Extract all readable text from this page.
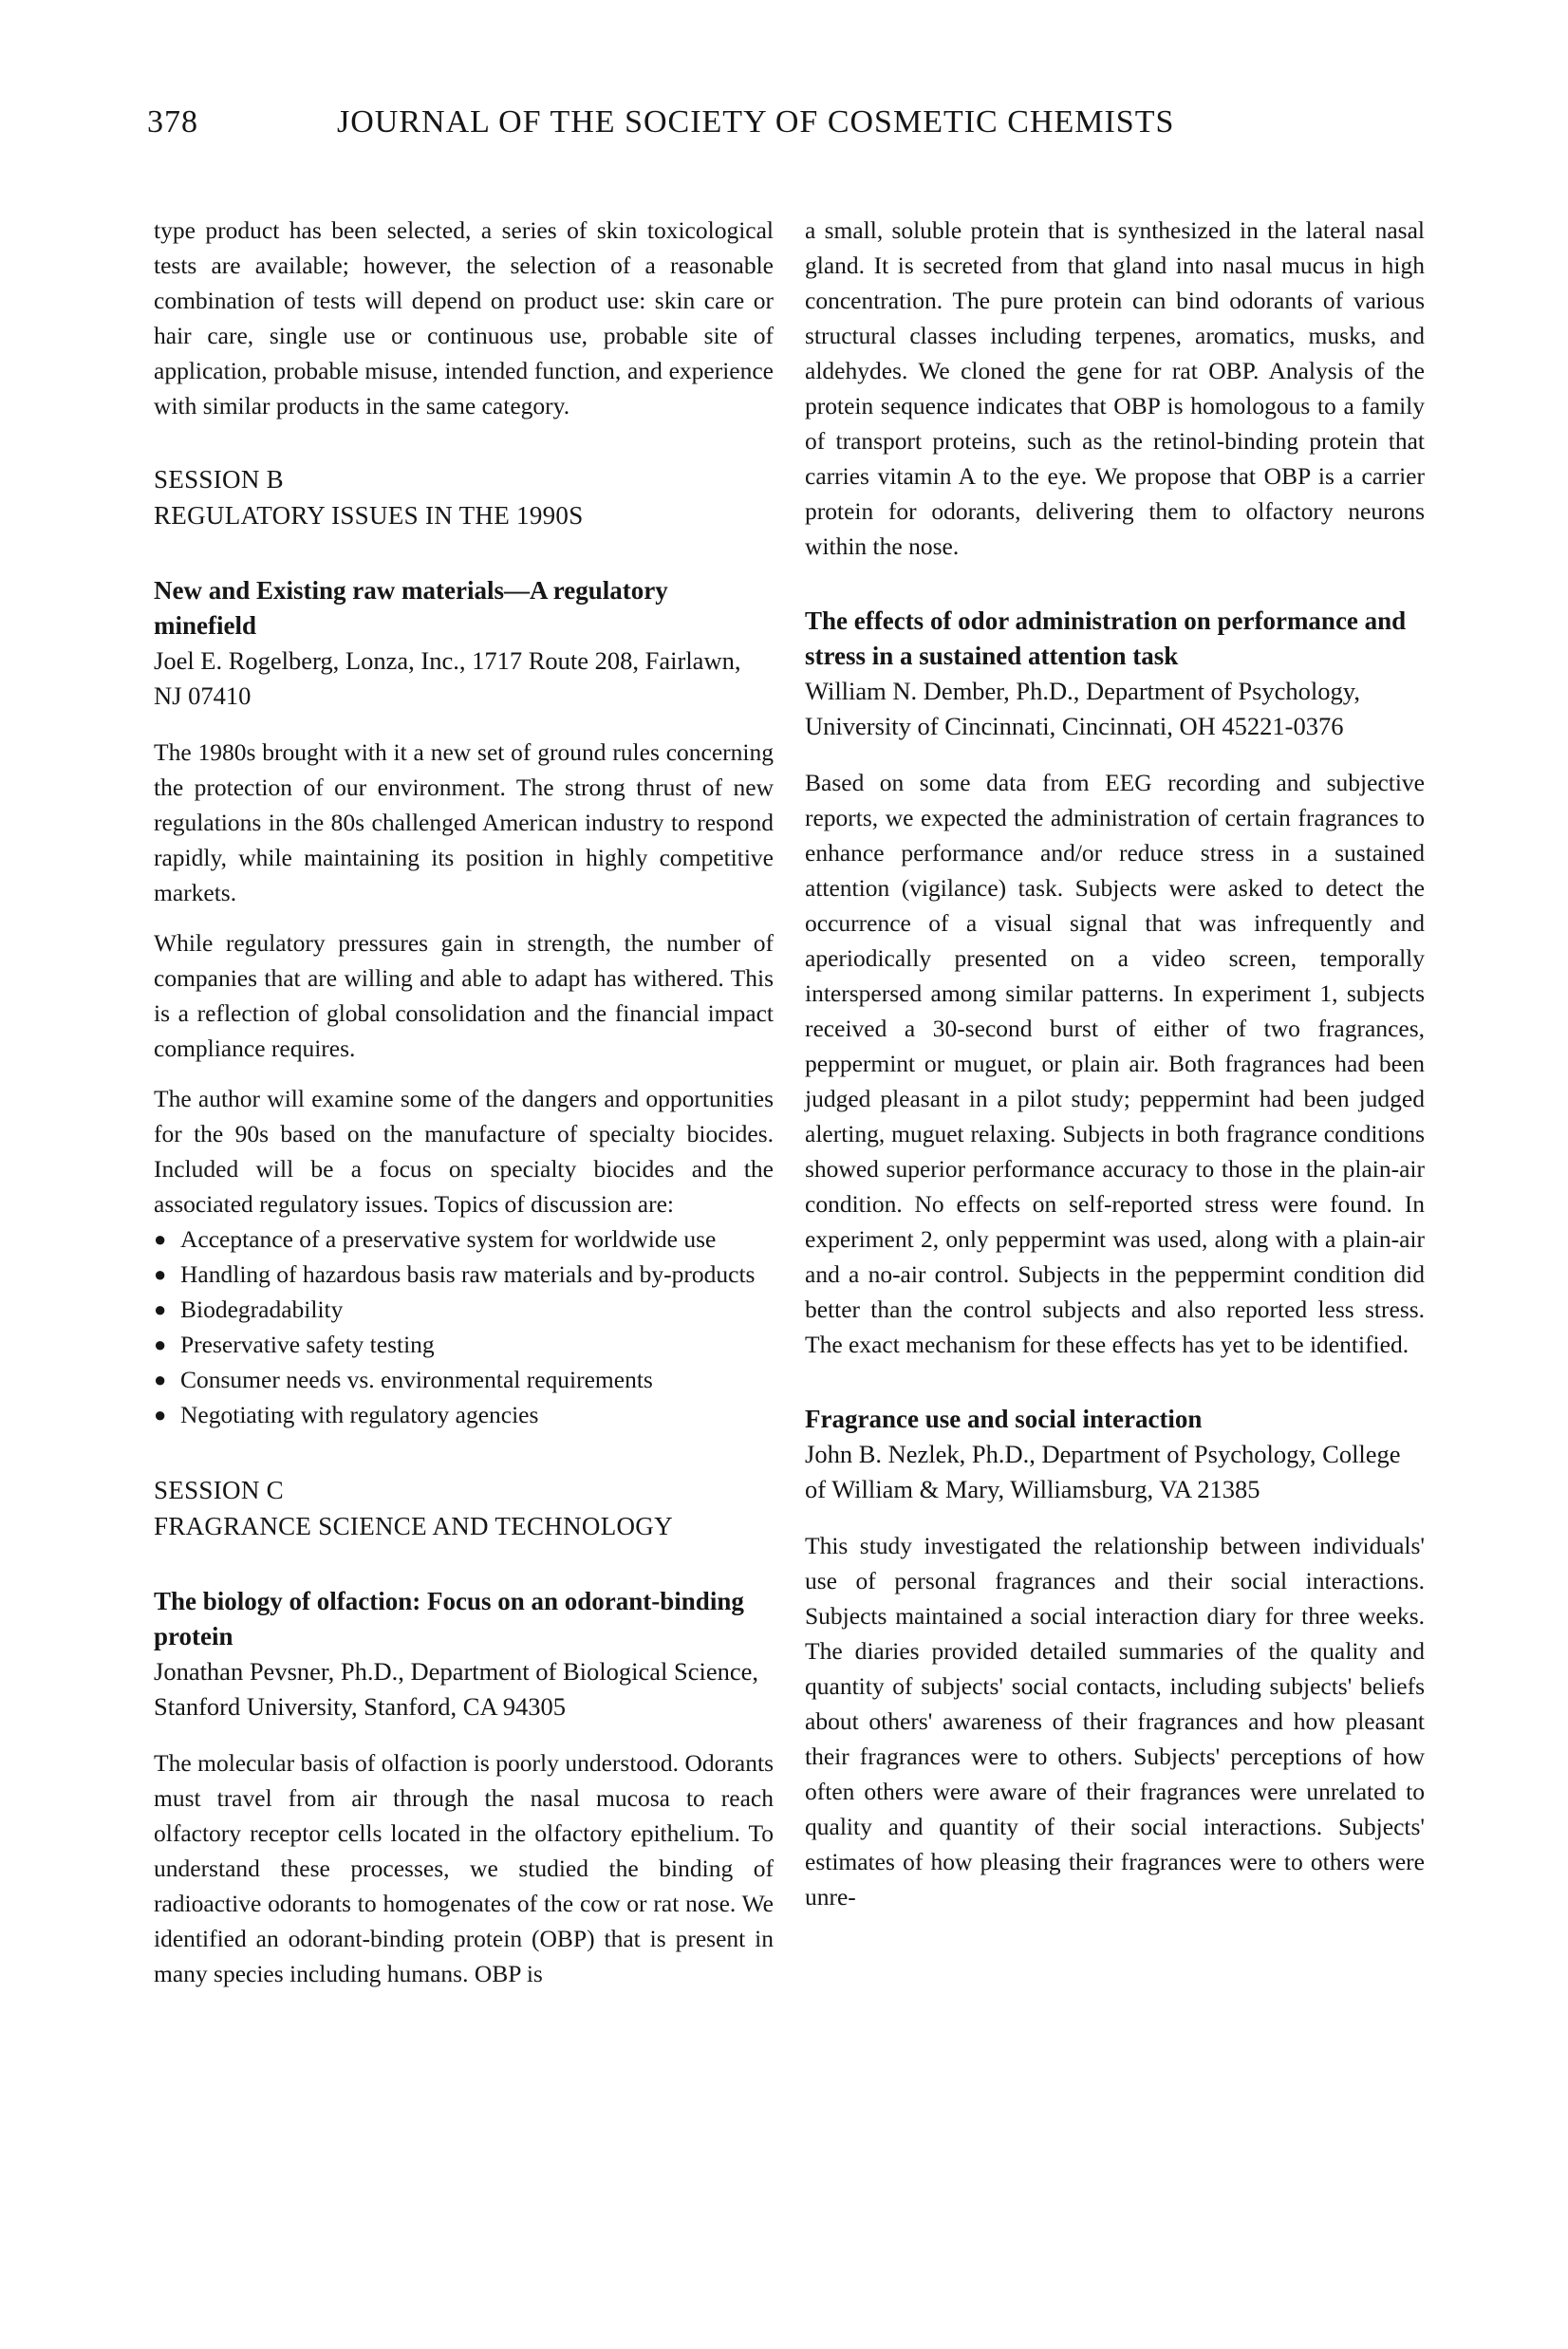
378	JOURNAL OF THE SOCIETY OF COSMETIC CHEMISTS

type product has been selected, a series of skin toxicological tests are available; however, the selection of a reasonable combination of tests will depend on product use: skin care or hair care, single use or continuous use, probable site of application, probable misuse, intended function, and experience with similar products in the same category.

SESSION B
REGULATORY ISSUES IN THE 1990S
New and Existing raw materials—A regulatory minefield
Joel E. Rogelberg, Lonza, Inc., 1717 Route 208, Fairlawn, NJ 07410

The 1980s brought with it a new set of ground rules concerning the protection of our environment. The strong thrust of new regulations in the 80s challenged American industry to respond rapidly, while maintaining its position in highly competitive markets.

While regulatory pressures gain in strength, the number of companies that are willing and able to adapt has withered. This is a reflection of global consolidation and the financial impact compliance requires.

The author will examine some of the dangers and opportunities for the 90s based on the manufacture of specialty biocides. Included will be a focus on specialty biocides and the associated regulatory issues. Topics of discussion are:

● Acceptance of a preservative system for worldwide use
● Handling of hazardous basis raw materials and by-products
● Biodegradability
● Preservative safety testing
● Consumer needs vs. environmental requirements
● Negotiating with regulatory agencies
SESSION C
FRAGRANCE SCIENCE AND TECHNOLOGY
The biology of olfaction: Focus on an odorant-binding protein
Jonathan Pevsner, Ph.D., Department of Biological Science, Stanford University, Stanford, CA 94305

The molecular basis of olfaction is poorly understood. Odorants must travel from air through the nasal mucosa to reach olfactory receptor cells located in the olfactory epithelium. To understand these processes, we studied the binding of radioactive odorants to homogenates of the cow or rat nose. We identified an odorant-binding protein (OBP) that is present in many species including humans. OBP is

a small, soluble protein that is synthesized in the lateral nasal gland. It is secreted from that gland into nasal mucus in high concentration. The pure protein can bind odorants of various structural classes including terpenes, aromatics, musks, and aldehydes. We cloned the gene for rat OBP. Analysis of the protein sequence indicates that OBP is homologous to a family of transport proteins, such as the retinol-binding protein that carries vitamin A to the eye. We propose that OBP is a carrier protein for odorants, delivering them to olfactory neurons within the nose.

The effects of odor administration on performance and stress in a sustained attention task
William N. Dember, Ph.D., Department of Psychology, University of Cincinnati, Cincinnati, OH 45221-0376

Based on some data from EEG recording and subjective reports, we expected the administration of certain fragrances to enhance performance and/or reduce stress in a sustained attention (vigilance) task. Subjects were asked to detect the occurrence of a visual signal that was infrequently and aperiodically presented on a video screen, temporally interspersed among similar patterns. In experiment 1, subjects received a 30-second burst of either of two fragrances, peppermint or muguet, or plain air. Both fragrances had been judged pleasant in a pilot study; peppermint had been judged alerting, muguet relaxing. Subjects in both fragrance conditions showed superior performance accuracy to those in the plain-air condition. No effects on self-reported stress were found. In experiment 2, only peppermint was used, along with a plain-air and a no-air control. Subjects in the peppermint condition did better than the control subjects and also reported less stress. The exact mechanism for these effects has yet to be identified.

Fragrance use and social interaction
John B. Nezlek, Ph.D., Department of Psychology, College of William & Mary, Williamsburg, VA 21385

This study investigated the relationship between individuals' use of personal fragrances and their social interactions. Subjects maintained a social interaction diary for three weeks. The diaries provided detailed summaries of the quality and quantity of subjects' social contacts, including subjects' beliefs about others' awareness of their fragrances and how pleasant their fragrances were to others. Subjects' perceptions of how often others were aware of their fragrances were unrelated to quality and quantity of their social interactions. Subjects' estimates of how pleasing their fragrances were to others were unre-
